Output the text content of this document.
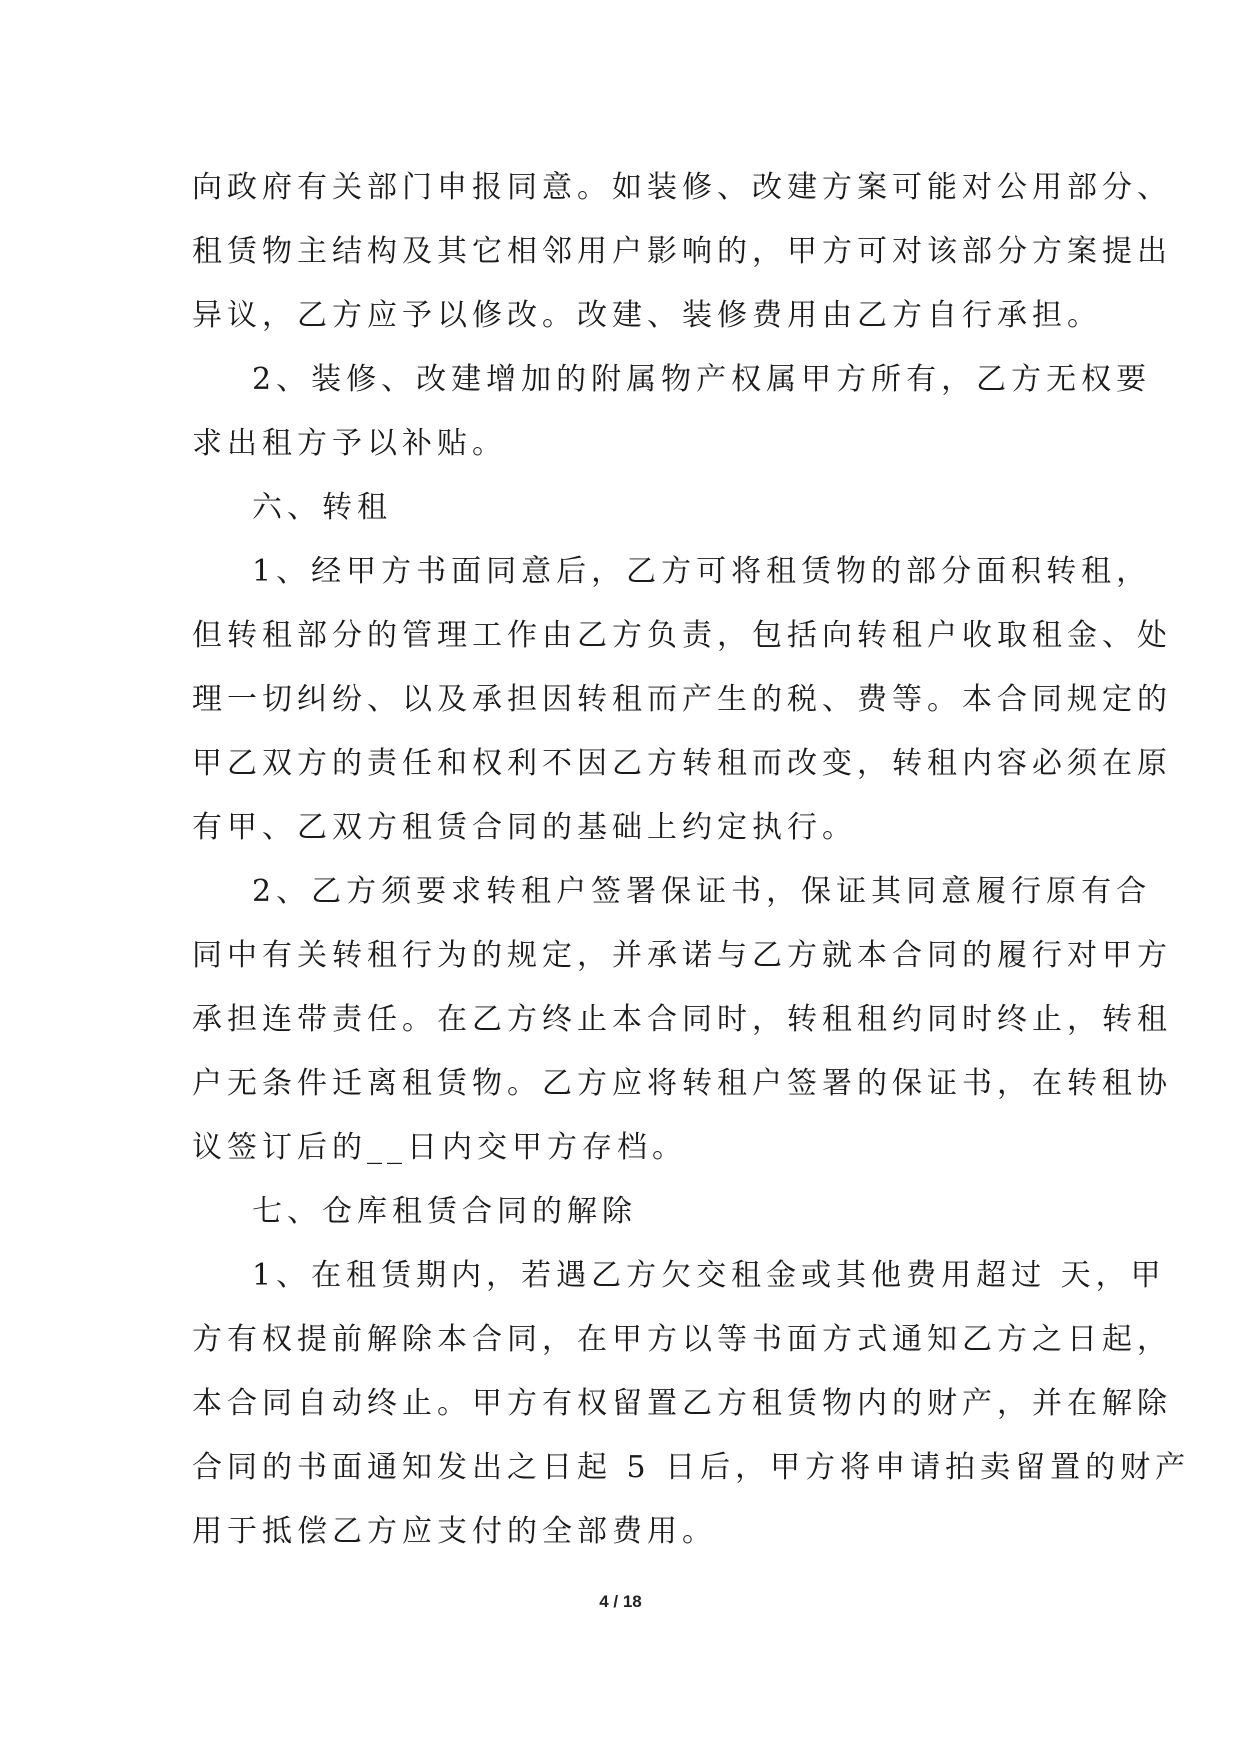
向政府有关部门申报同意。如装修、改建方案可能对公用部分、
租赁物主结构及其它相邻用户影响的，甲方可对该部分方案提出
异议，乙方应予以修改。改建、装修费用由乙方自行承担。
2、装修、改建增加的附属物产权属甲方所有，乙方无权要
求出租方予以补贴。
六、转租
1、经甲方书面同意后，乙方可将租赁物的部分面积转租，
但转租部分的管理工作由乙方负责，包括向转租户收取租金、处
理一切纠纷、以及承担因转租而产生的税、费等。本合同规定的
甲乙双方的责任和权利不因乙方转租而改变，转租内容必须在原
有甲、乙双方租赁合同的基础上约定执行。
2、乙方须要求转租户签署保证书，保证其同意履行原有合
同中有关转租行为的规定，并承诺与乙方就本合同的履行对甲方
承担连带责任。在乙方终止本合同时，转租租约同时终止，转租
户无条件迁离租赁物。乙方应将转租户签署的保证书，在转租协
议签订后的__日内交甲方存档。
七、仓库租赁合同的解除
1、在租赁期内，若遇乙方欠交租金或其他费用超过 天，甲
方有权提前解除本合同，在甲方以等书面方式通知乙方之日起，
本合同自动终止。甲方有权留置乙方租赁物内的财产，并在解除
合同的书面通知发出之日起 5 日后，甲方将申请拍卖留置的财产
用于抵偿乙方应支付的全部费用。
4 / 18
